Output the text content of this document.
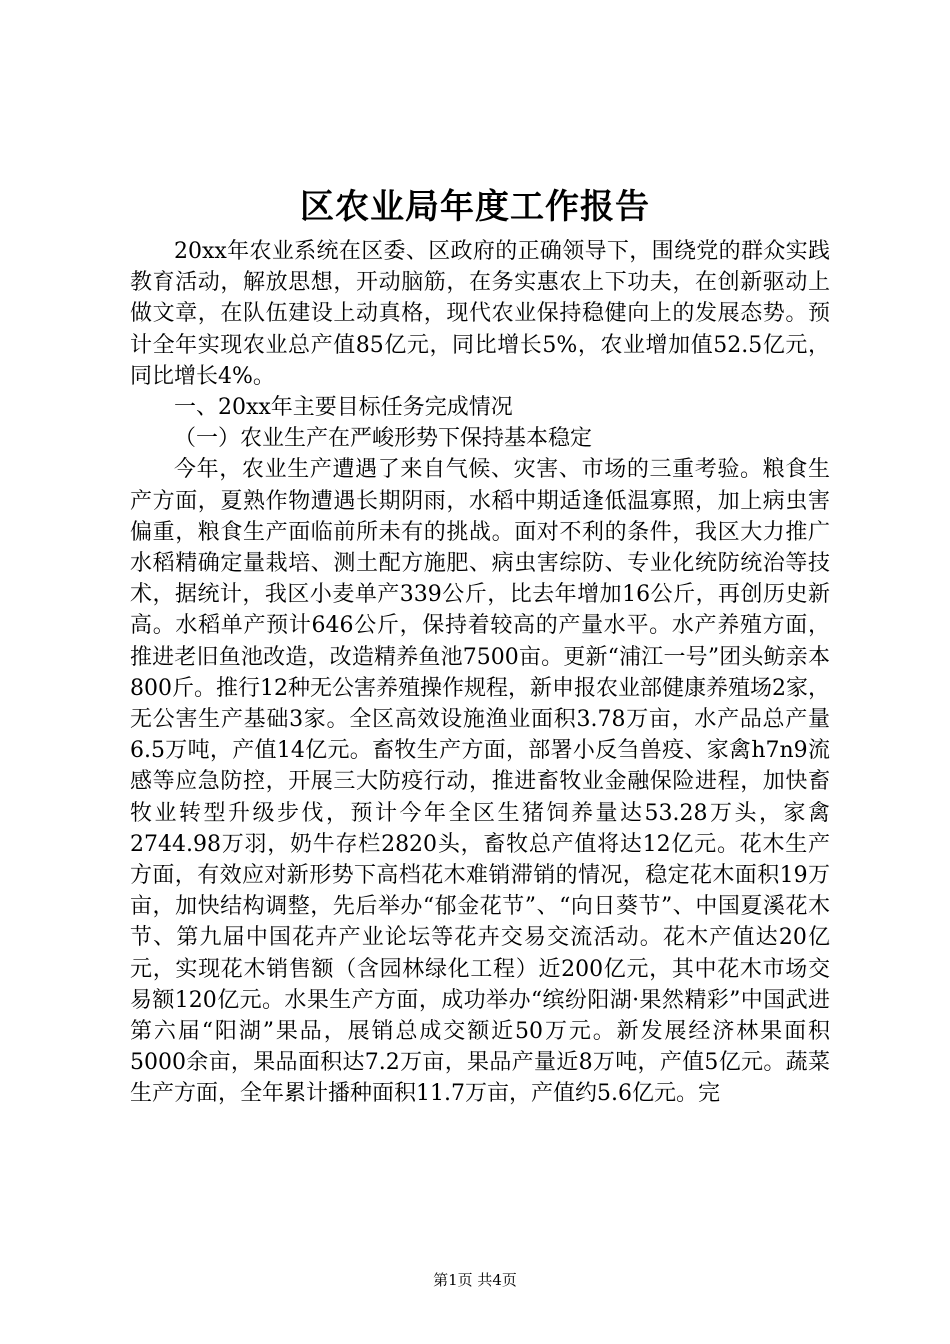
区农业局年度工作报告

20xx年农业系统在区委、区政府的正确领导下，围绕党的群众实践教育活动，解放思想，开动脑筋，在务实惠农上下功夫，在创新驱动上做文章，在队伍建设上动真格，现代农业保持稳健向上的发展态势。预计全年实现农业总产值85亿元，同比增长5%，农业增加值52.5亿元，同比增长4%。

一、20xx年主要目标任务完成情况

（一）农业生产在严峻形势下保持基本稳定

今年，农业生产遭遇了来自气候、灾害、市场的三重考验。粮食生产方面，夏熟作物遭遇长期阴雨，水稻中期适逢低温寡照，加上病虫害偏重，粮食生产面临前所未有的挑战。面对不利的条件，我区大力推广水稻精确定量栽培、测土配方施肥、病虫害综防、专业化统防统治等技术，据统计，我区小麦单产339公斤，比去年增加16公斤，再创历史新高。水稻单产预计646公斤，保持着较高的产量水平。水产养殖方面，推进老旧鱼池改造，改造精养鱼池7500亩。更新“浦江一号”团头鲂亲本800斤。推行12种无公害养殖操作规程，新申报农业部健康养殖场2家，无公害生产基础3家。全区高效设施渔业面积3.78万亩，水产品总产量6.5万吨，产值14亿元。畜牧生产方面，部署小反刍兽疫、家禽h7n9流感等应急防控，开展三大防疫行动，推进畜牧业金融保险进程，加快畜牧业转型升级步伐，预计今年全区生猪饲养量达53.28万头，家禽2744.98万羽，奶牛存栏2820头，畜牧总产值将达12亿元。花木生产方面，有效应对新形势下高档花木难销滞销的情况，稳定花木面积19万亩，加快结构调整，先后举办“郁金花节”、“向日葵节”、中国夏溪花木节、第九届中国花卉产业论坛等花卉交易交流活动。花木产值达20亿元，实现花木销售额（含园林绿化工程）近200亿元，其中花木市场交易额120亿元。水果生产方面，成功举办“缤纷阳湖·果然精彩”中国武进第六届“阳湖”果品，展销总成交额近50万元。新发展经济林果面积5000余亩，果品面积达7.2万亩，果品产量近8万吨，产值5亿元。蔬菜生产方面，全年累计播种面积11.7万亩，产值约5.6亿元。完

第1页 共4页
